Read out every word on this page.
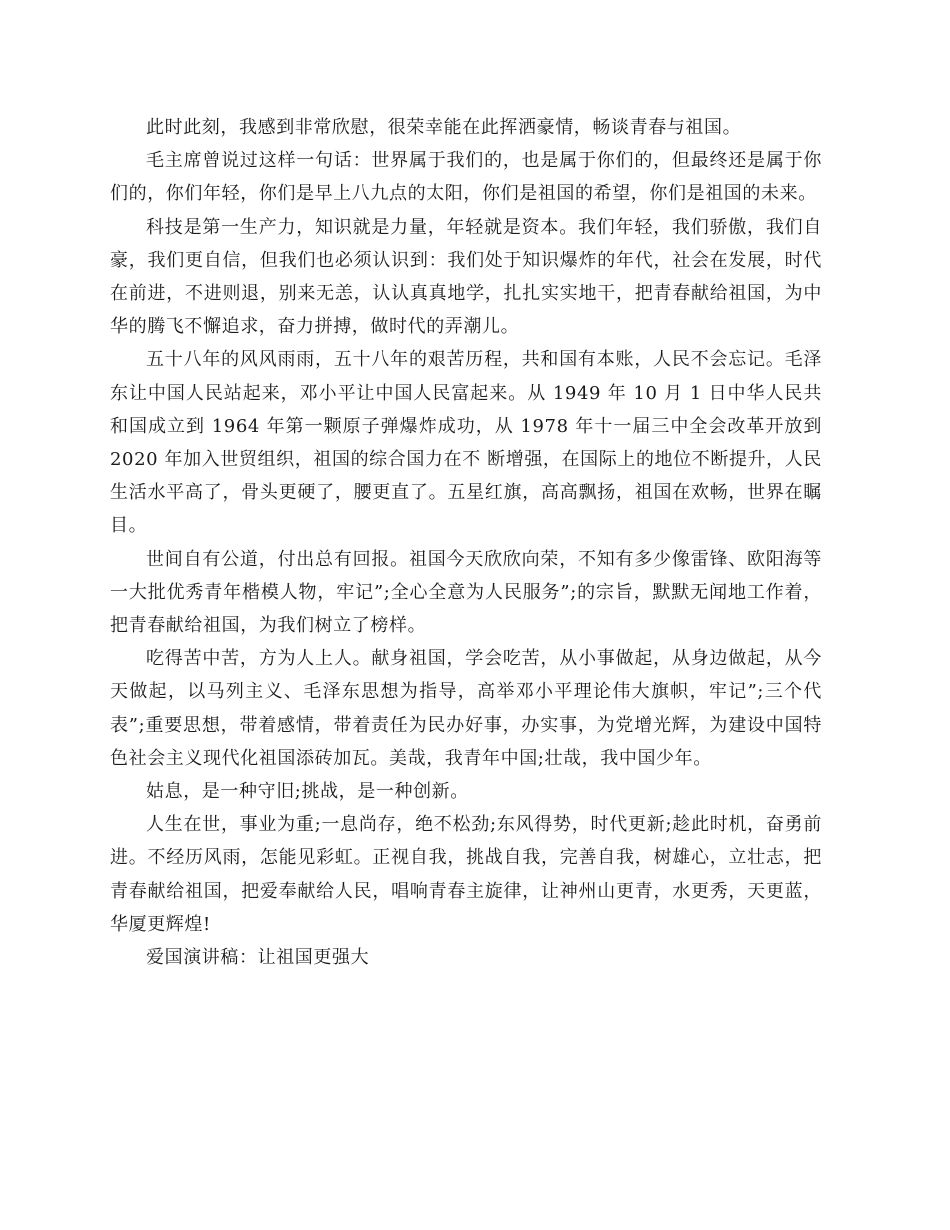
此时此刻，我感到非常欣慰，很荣幸能在此挥洒豪情，畅谈青春与祖国。

毛主席曾说过这样一句话：世界属于我们的，也是属于你们的，但最终还是属于你们的，你们年轻，你们是早上八九点的太阳，你们是祖国的希望，你们是祖国的未来。

科技是第一生产力，知识就是力量，年轻就是资本。我们年轻，我们骄傲，我们自豪，我们更自信，但我们也必须认识到：我们处于知识爆炸的年代，社会在发展，时代在前进，不进则退，别来无恙，认认真真地学，扎扎实实地干，把青春献给祖国，为中华的腾飞不懈追求，奋力拼搏，做时代的弄潮儿。

五十八年的风风雨雨，五十八年的艰苦历程，共和国有本账，人民不会忘记。毛泽东让中国人民站起来，邓小平让中国人民富起来。从 1949 年 10 月 1 日中华人民共和国成立到 1964 年第一颗原子弹爆炸成功，从 1978 年十一届三中全会改革开放到 2020 年加入世贸组织，祖国的综合国力在不 断增强，在国际上的地位不断提升，人民生活水平高了，骨头更硬了，腰更直了。五星红旗，高高飘扬，祖国在欢畅，世界在瞩目。

世间自有公道，付出总有回报。祖国今天欣欣向荣，不知有多少像雷锋、欧阳海等一大批优秀青年楷模人物，牢记”;全心全意为人民服务”;的宗旨，默默无闻地工作着，把青春献给祖国，为我们树立了榜样。

吃得苦中苦，方为人上人。献身祖国，学会吃苦，从小事做起，从身边做起，从今天做起，以马列主义、毛泽东思想为指导，高举邓小平理论伟大旗帜，牢记”;三个代表”;重要思想，带着感情，带着责任为民办好事，办实事，为党增光辉，为建设中国特色社会主义现代化祖国添砖加瓦。美哉，我青年中国;壮哉，我中国少年。

姑息，是一种守旧;挑战，是一种创新。

人生在世，事业为重;一息尚存，绝不松劲;东风得势，时代更新;趁此时机，奋勇前进。不经历风雨，怎能见彩虹。正视自我，挑战自我，完善自我，树雄心，立壮志，把青春献给祖国，把爱奉献给人民，唱响青春主旋律，让神州山更青，水更秀，天更蓝，华厦更辉煌!

爱国演讲稿：让祖国更强大
